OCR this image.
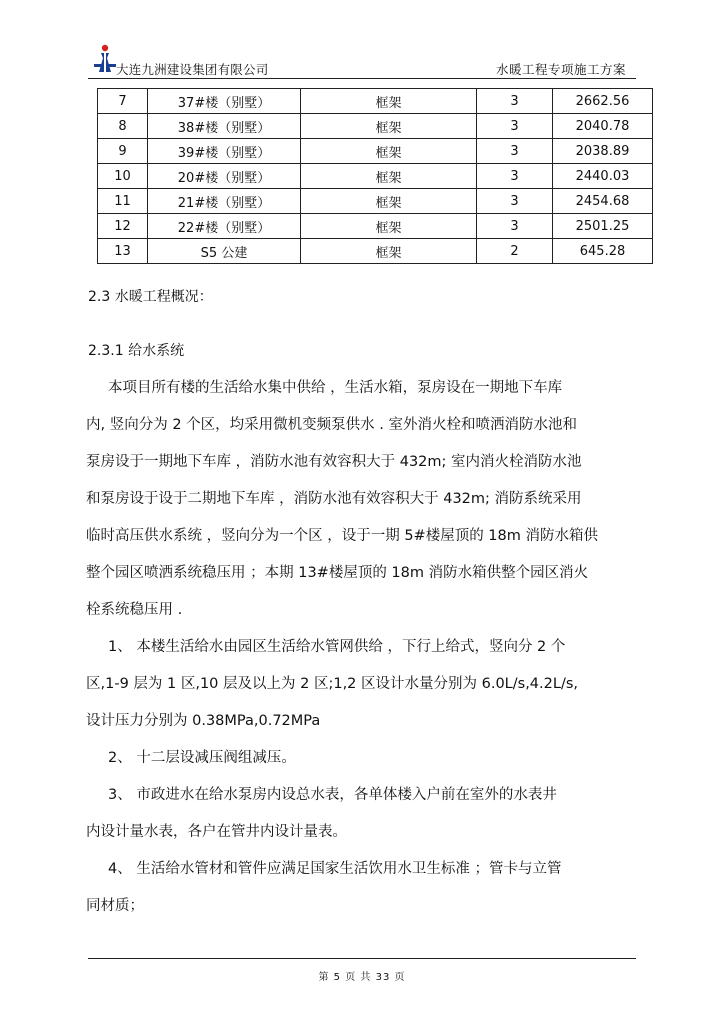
大连九洲建设集团有限公司	水暖工程专项施工方案
7	37#楼（别墅）	框架	3	2662.56
8	38#楼（别墅）	框架	3	2040.78
9	39#楼（别墅）	框架	3	2038.89
10	20#楼（别墅）	框架	3	2440.03
11	21#楼（别墅）	框架	3	2454.68
12	22#楼（别墅）	框架	3	2501.25
13	S5 公建	框架	2	645.28
2.3 水暖工程概况：
2.3.1 给水系统

本项目所有楼的生活给水集中供给 ，生活水箱，泵房设在一期地下车库

内, 竖向分为 2 个区，均采用微机变频泵供水 . 室外消火栓和喷洒消防水池和

泵房设于一期地下车库 ，消防水池有效容积大于 432m; 室内消火栓消防水池

和泵房设于设于二期地下车库 ，消防水池有效容积大于 432m; 消防系统采用

临时高压供水系统 ，竖向分为一个区 ，设于一期 5#楼屋顶的 18m 消防水箱供

整个园区喷洒系统稳压用 ；本期 13#楼屋顶的 18m 消防水箱供整个园区消火

栓系统稳压用 .

1、 本楼生活给水由园区生活给水管网供给 ，下行上给式，竖向分 2 个

区,1-9 层为 1 区,10 层及以上为 2 区;1,2 区设计水量分别为 6.0L/s,4.2L/s,

设计压力分别为 0.38MPa,0.72MPa

2、 十二层设减压阀组减压。

3、 市政进水在给水泵房内设总水表，各单体楼入户前在室外的水表井

内设计量水表，各户在管井内设计量表。

4、 生活给水管材和管件应满足国家生活饮用水卫生标准 ；管卡与立管

同材质；

第 5 页 共 33 页
